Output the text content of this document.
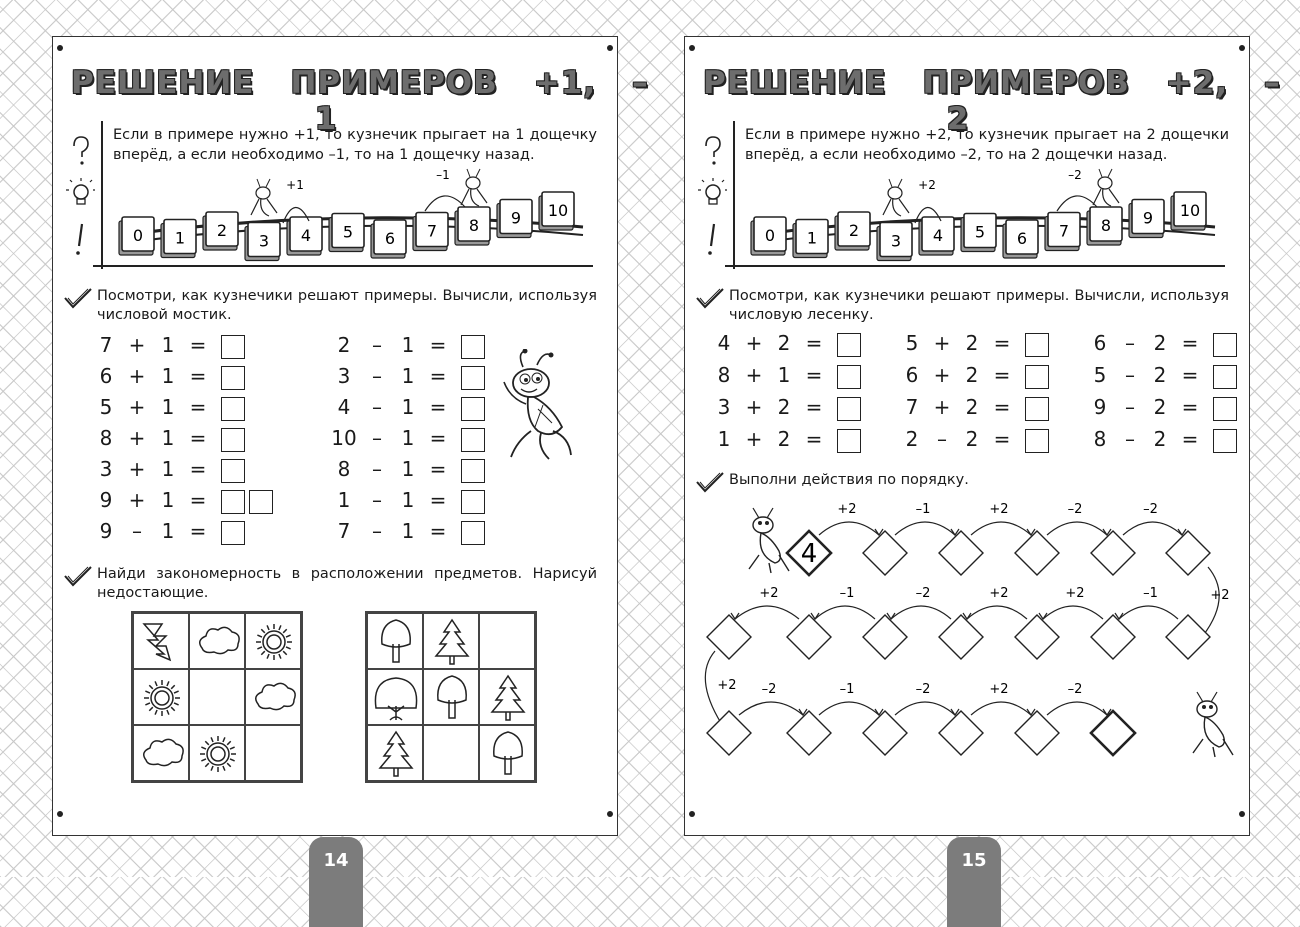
РЕШЕНИЕ ПРИМЕРОВ +1, –1
Если в примере нужно +1, то кузнечик прыгает на 1 дощечку вперёд, а если необходимо –1, то на 1 дощечку назад.
0 1 2
3 4 5 6 7 8 9 10
+1
–1
Посмотри, как кузнечики решают примеры. Вычисли, используя числовой мостик.
7 + 1 =
6 + 1 =
5 + 1 =
8 + 1 =
3 + 1 =
9 + 1 =
9 – 1 =
2 – 1 =
3 – 1 =
4 – 1 =
10 – 1 =
8 – 1 =
1 – 1 =
7 – 1 =
Найди закономерность в расположении предметов. Нарисуй недостающие.
14
РЕШЕНИЕ ПРИМЕРОВ +2, –2
Если в примере нужно +2, то кузнечик прыгает на 2 дощечки вперёд, а если необходимо –2, то на 2 дощечки назад.
0 1 2
3 4 5 6 7 8 9 10
+2
–2
Посмотри, как кузнечики решают примеры. Вычисли, используя числовую лесенку.
4 + 2 =
8 + 1 =
3 + 2 =
1 + 2 =
5 + 2 =
6 + 2 =
7 + 2 =
2 – 2 =
6 – 2 =
5 – 2 =
9 – 2 =
8 – 2 =
Выполни действия по порядку.
4
+2	–1	+2	–2	–2
+2
–1
+2
+2
–2
–1
+2
+2 –2	–1	–2	+2	–2
15
